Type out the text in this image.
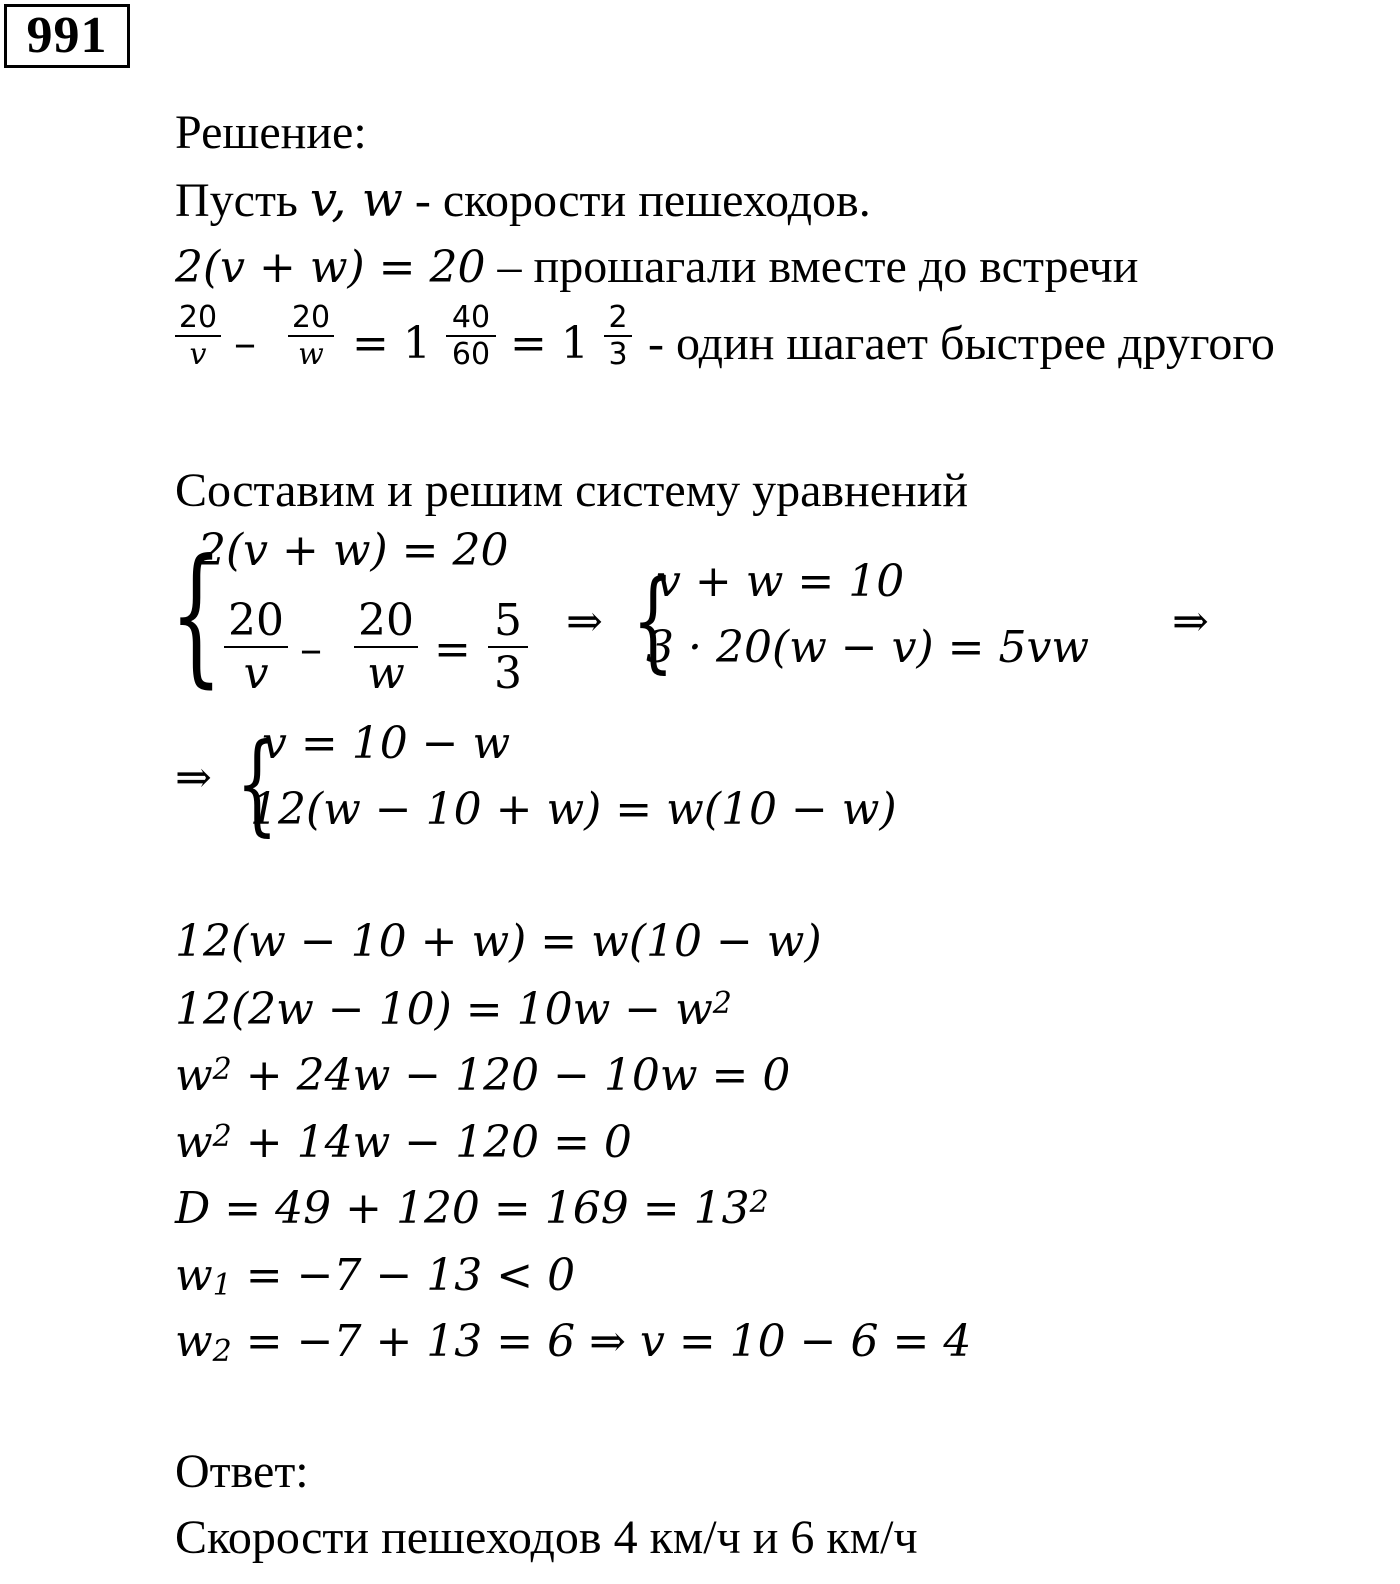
991
Решение:
Пусть v, w - скорости пешеходов.
2(v + w) = 20 – прошагали вместе до встречи
$\frac{20}{v} - \frac{20}{w} = 1 \frac{40}{60} = 1 \frac{2}{3}$ - один шагает быстрее другого
Составим и решим систему уравнений
{
2(v + w) = 20
$\frac{20}{v} - \frac{20}{w} = \frac{5}{3}$ ⇒ {
v + w = 10
3 · 20(w − v) = 5vw
⇒
⇒ {
v = 10 − w
12(w − 10 + w) = w(10 − w)
12(w − 10 + w) = w(10 − w)
$12(2w - 10) = 10w - w^2$
$w^2 + 24w - 120 - 10w = 0$
$w^2 + 14w - 120 = 0$
$D = 49 + 120 = 169 = 13^2$
$w_1 = -7 - 13 < 0$
$w_2 = -7 + 13 = 6$ ⇒ v = 10 − 6 = 4
Ответ:
Скорости пешеходов 4 км/ч и 6 км/ч
